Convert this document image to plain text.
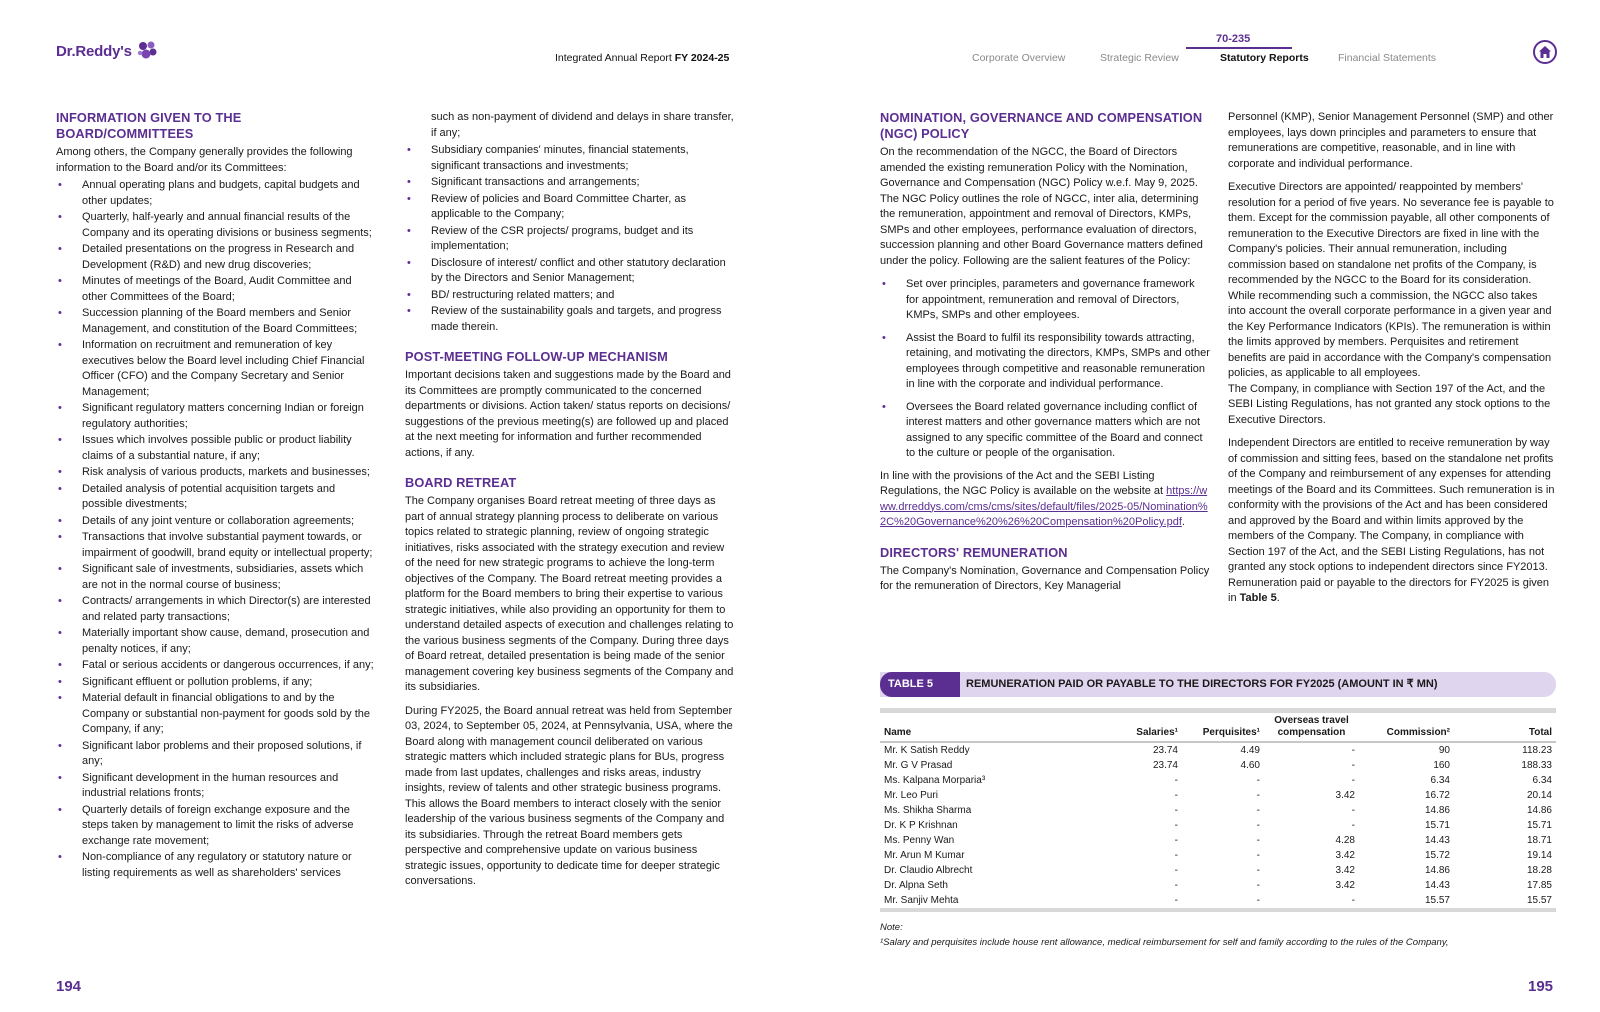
Dr.Reddy's	Integrated Annual Report FY 2024-25
70-235
Corporate Overview	Strategic Review	Statutory Reports	Financial Statements
INFORMATION GIVEN TO THE BOARD/COMMITTEES

Among others, the Company generally provides the following information to the Board and/or its Committees:

• Annual operating plans and budgets, capital budgets and other updates;
• Quarterly, half-yearly and annual financial results of the Company and its operating divisions or business segments;
• Detailed presentations on the progress in Research and Development (R&D) and new drug discoveries;
• Minutes of meetings of the Board, Audit Committee and other Committees of the Board;
• Succession planning of the Board members and Senior Management, and constitution of the Board Committees;
• Information on recruitment and remuneration of key executives below the Board level including Chief Financial Officer (CFO) and the Company Secretary and Senior Management;
• Significant regulatory matters concerning Indian or foreign regulatory authorities;
• Issues which involves possible public or product liability claims of a substantial nature, if any;
• Risk analysis of various products, markets and businesses;
• Detailed analysis of potential acquisition targets and possible divestments;
• Details of any joint venture or collaboration agreements;
• Transactions that involve substantial payment towards, or impairment of goodwill, brand equity or intellectual property;
• Significant sale of investments, subsidiaries, assets which are not in the normal course of business;
• Contracts/ arrangements in which Director(s) are interested and related party transactions;
• Materially important show cause, demand, prosecution and penalty notices, if any;
• Fatal or serious accidents or dangerous occurrences, if any;
• Significant effluent or pollution problems, if any;
• Material default in financial obligations to and by the Company or substantial non-payment for goods sold by the Company, if any;
• Significant labor problems and their proposed solutions, if any;
• Significant development in the human resources and industrial relations fronts;
• Quarterly details of foreign exchange exposure and the steps taken by management to limit the risks of adverse exchange rate movement;
• Non-compliance of any regulatory or statutory nature or listing requirements as well as shareholders' services

such as non-payment of dividend and delays in share transfer, if any;

• Subsidiary companies' minutes, financial statements, significant transactions and investments;
• Significant transactions and arrangements;
• Review of policies and Board Committee Charter, as applicable to the Company;
• Review of the CSR projects/ programs, budget and its implementation;
• Disclosure of interest/ conflict and other statutory declaration by the Directors and Senior Management;
• BD/ restructuring related matters; and
• Review of the sustainability goals and targets, and progress made therein.
POST-MEETING FOLLOW-UP MECHANISM

Important decisions taken and suggestions made by the Board and its Committees are promptly communicated to the concerned departments or divisions. Action taken/ status reports on decisions/ suggestions of the previous meeting(s) are followed up and placed at the next meeting for information and further recommended actions, if any.

BOARD RETREAT

The Company organises Board retreat meeting of three days as part of annual strategy planning process to deliberate on various topics related to strategic planning, review of ongoing strategic initiatives, risks associated with the strategy execution and review of the need for new strategic programs to achieve the long-term objectives of the Company. The Board retreat meeting provides a platform for the Board members to bring their expertise to various strategic initiatives, while also providing an opportunity for them to understand detailed aspects of execution and challenges relating to the various business segments of the Company. During three days of Board retreat, detailed presentation is being made of the senior management covering key business segments of the Company and its subsidiaries.

During FY2025, the Board annual retreat was held from September 03, 2024, to September 05, 2024, at Pennsylvania, USA, where the Board along with management council deliberated on various strategic matters which included strategic plans for BUs, progress made from last updates, challenges and risks areas, industry insights, review of talents and other strategic business programs. This allows the Board members to interact closely with the senior leadership of the various business segments of the Company and its subsidiaries. Through the retreat Board members gets perspective and comprehensive update on various business strategic issues, opportunity to dedicate time for deeper strategic conversations.

194
NOMINATION, GOVERNANCE AND COMPENSATION (NGC) POLICY

On the recommendation of the NGCC, the Board of Directors amended the existing remuneration Policy with the Nomination, Governance and Compensation (NGC) Policy w.e.f. May 9, 2025. The NGC Policy outlines the role of NGCC, inter alia, determining the remuneration, appointment and removal of Directors, KMPs, SMPs and other employees, performance evaluation of directors, succession planning and other Board Governance matters defined under the policy. Following are the salient features of the Policy:

• Set over principles, parameters and governance framework for appointment, remuneration and removal of Directors, KMPs, SMPs and other employees.
• Assist the Board to fulfil its responsibility towards attracting, retaining, and motivating the directors, KMPs, SMPs and other employees through competitive and reasonable remuneration in line with the corporate and individual performance.
• Oversees the Board related governance including conflict of interest matters and other governance matters which are not assigned to any specific committee of the Board and connect to the culture or people of the organisation.

In line with the provisions of the Act and the SEBI Listing Regulations, the NGC Policy is available on the website at https://www.drreddys.com/cms/cms/sites/default/files/2025-05/Nomination%2C%20Governance%20%26%20Compensation%20Policy.pdf.

DIRECTORS' REMUNERATION

The Company's Nomination, Governance and Compensation Policy for the remuneration of Directors, Key Managerial

Personnel (KMP), Senior Management Personnel (SMP) and other employees, lays down principles and parameters to ensure that remunerations are competitive, reasonable, and in line with corporate and individual performance.

Executive Directors are appointed/ reappointed by members' resolution for a period of five years. No severance fee is payable to them. Except for the commission payable, all other components of remuneration to the Executive Directors are fixed in line with the Company's policies. Their annual remuneration, including commission based on standalone net profits of the Company, is recommended by the NGCC to the Board for its consideration. While recommending such a commission, the NGCC also takes into account the overall corporate performance in a given year and the Key Performance Indicators (KPIs). The remuneration is within the limits approved by members. Perquisites and retirement benefits are paid in accordance with the Company's compensation policies, as applicable to all employees.

The Company, in compliance with Section 197 of the Act, and the SEBI Listing Regulations, has not granted any stock options to the Executive Directors.

Independent Directors are entitled to receive remuneration by way of commission and sitting fees, based on the standalone net profits of the Company and reimbursement of any expenses for attending meetings of the Board and its Committees. Such remuneration is in conformity with the provisions of the Act and has been considered and approved by the Board and within limits approved by the members of the Company. The Company, in compliance with Section 197 of the Act, and the SEBI Listing Regulations, has not granted any stock options to independent directors since FY2013. Remuneration paid or payable to the directors for FY2025 is given in Table 5.

TABLE 5	REMUNERATION PAID OR PAYABLE TO THE DIRECTORS FOR FY2025 (AMOUNT IN ₹ MN)
Name	Salaries¹	Perquisites¹	Overseas travel compensation	Commission²	Total
Mr. K Satish Reddy	23.74	4.49	-	90	118.23
Mr. G V Prasad	23.74	4.60	-	160	188.33
Ms. Kalpana Morparia³	-	-	-	6.34	6.34
Mr. Leo Puri	-	-	3.42	16.72	20.14
Ms. Shikha Sharma	-	-	-	14.86	14.86
Dr. K P Krishnan	-	-	-	15.71	15.71
Ms. Penny Wan	-	-	4.28	14.43	18.71
Mr. Arun M Kumar	-	-	3.42	15.72	19.14
Dr. Claudio Albrecht	-	-	3.42	14.86	18.28
Dr. Alpna Seth	-	-	3.42	14.43	17.85
Mr. Sanjiv Mehta	-	-	-	15.57	15.57
Note:
¹Salary and perquisites include house rent allowance, medical reimbursement for self and family according to the rules of the Company,
195
